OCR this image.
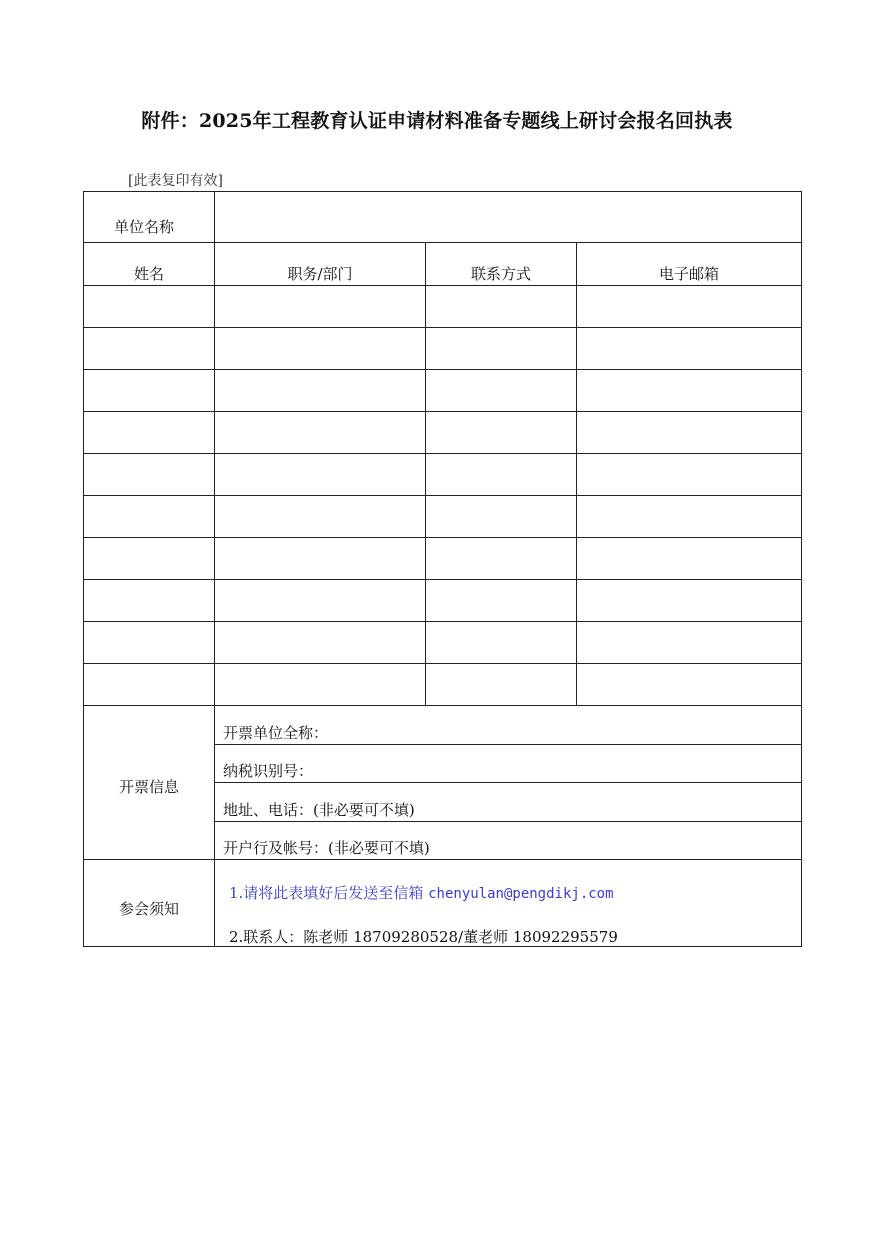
附件：2025年工程教育认证申请材料准备专题线上研讨会报名回执表
[此表复印有效]
单位名称
姓名	职务/部门	联系方式	电子邮箱
开票信息
开票单位全称：
纳税识别号：
地址、电话：(非必要可不填)
开户行及帐号：(非必要可不填)
参会须知
1.请将此表填好后发送至信箱 chenyulan@pengdikj.com
2.联系人：陈老师 18709280528/董老师 18092295579
